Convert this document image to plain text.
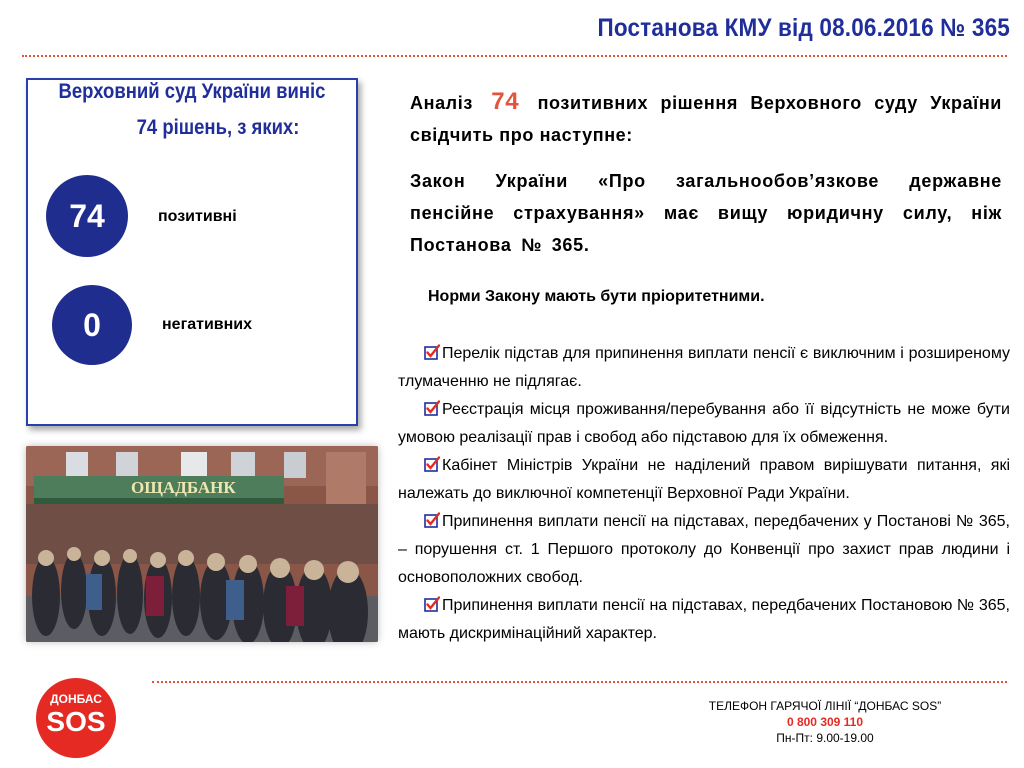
Постанова КМУ від 08.06.2016 № 365
Верховний суд України виніс
74 рішень, з яких:
74	позитивні
0	негативних
ОЩАДБАНК
Аналіз 74 позитивних рішення Верховного суду України свідчить про наступне:
Закон України «Про загальнообов’язкове державне пенсійне страхування» має вищу юридичну силу, ніж Постанова № 365.
Норми Закону мають бути пріоритетними.

Перелік підстав для припинення виплати пенсії є виключним і розширеному тлумаченню не підлягає.

Реєстрація місця проживання/перебування або її відсутність не може бути умовою реалізації прав і свобод або підставою для їх обмеження.

Кабінет Міністрів України не наділений правом вирішувати питання, які належать до виключної компетенції Верховної Ради України.

Припинення виплати пенсії на підставах, передбачених у Постанові № 365, – порушення ст. 1 Першого протоколу до Конвенції про захист прав людини і основоположних свобод.

Припинення виплати пенсії на підставах, передбачених Постановою № 365, мають дискримінаційний характер.

ДОНБАС
SOS	ТЕЛЕФОН ГАРЯЧОЇ ЛІНІЇ “ДОНБАС SOS”
0 800 309 110
Пн-Пт: 9.00-19.00
